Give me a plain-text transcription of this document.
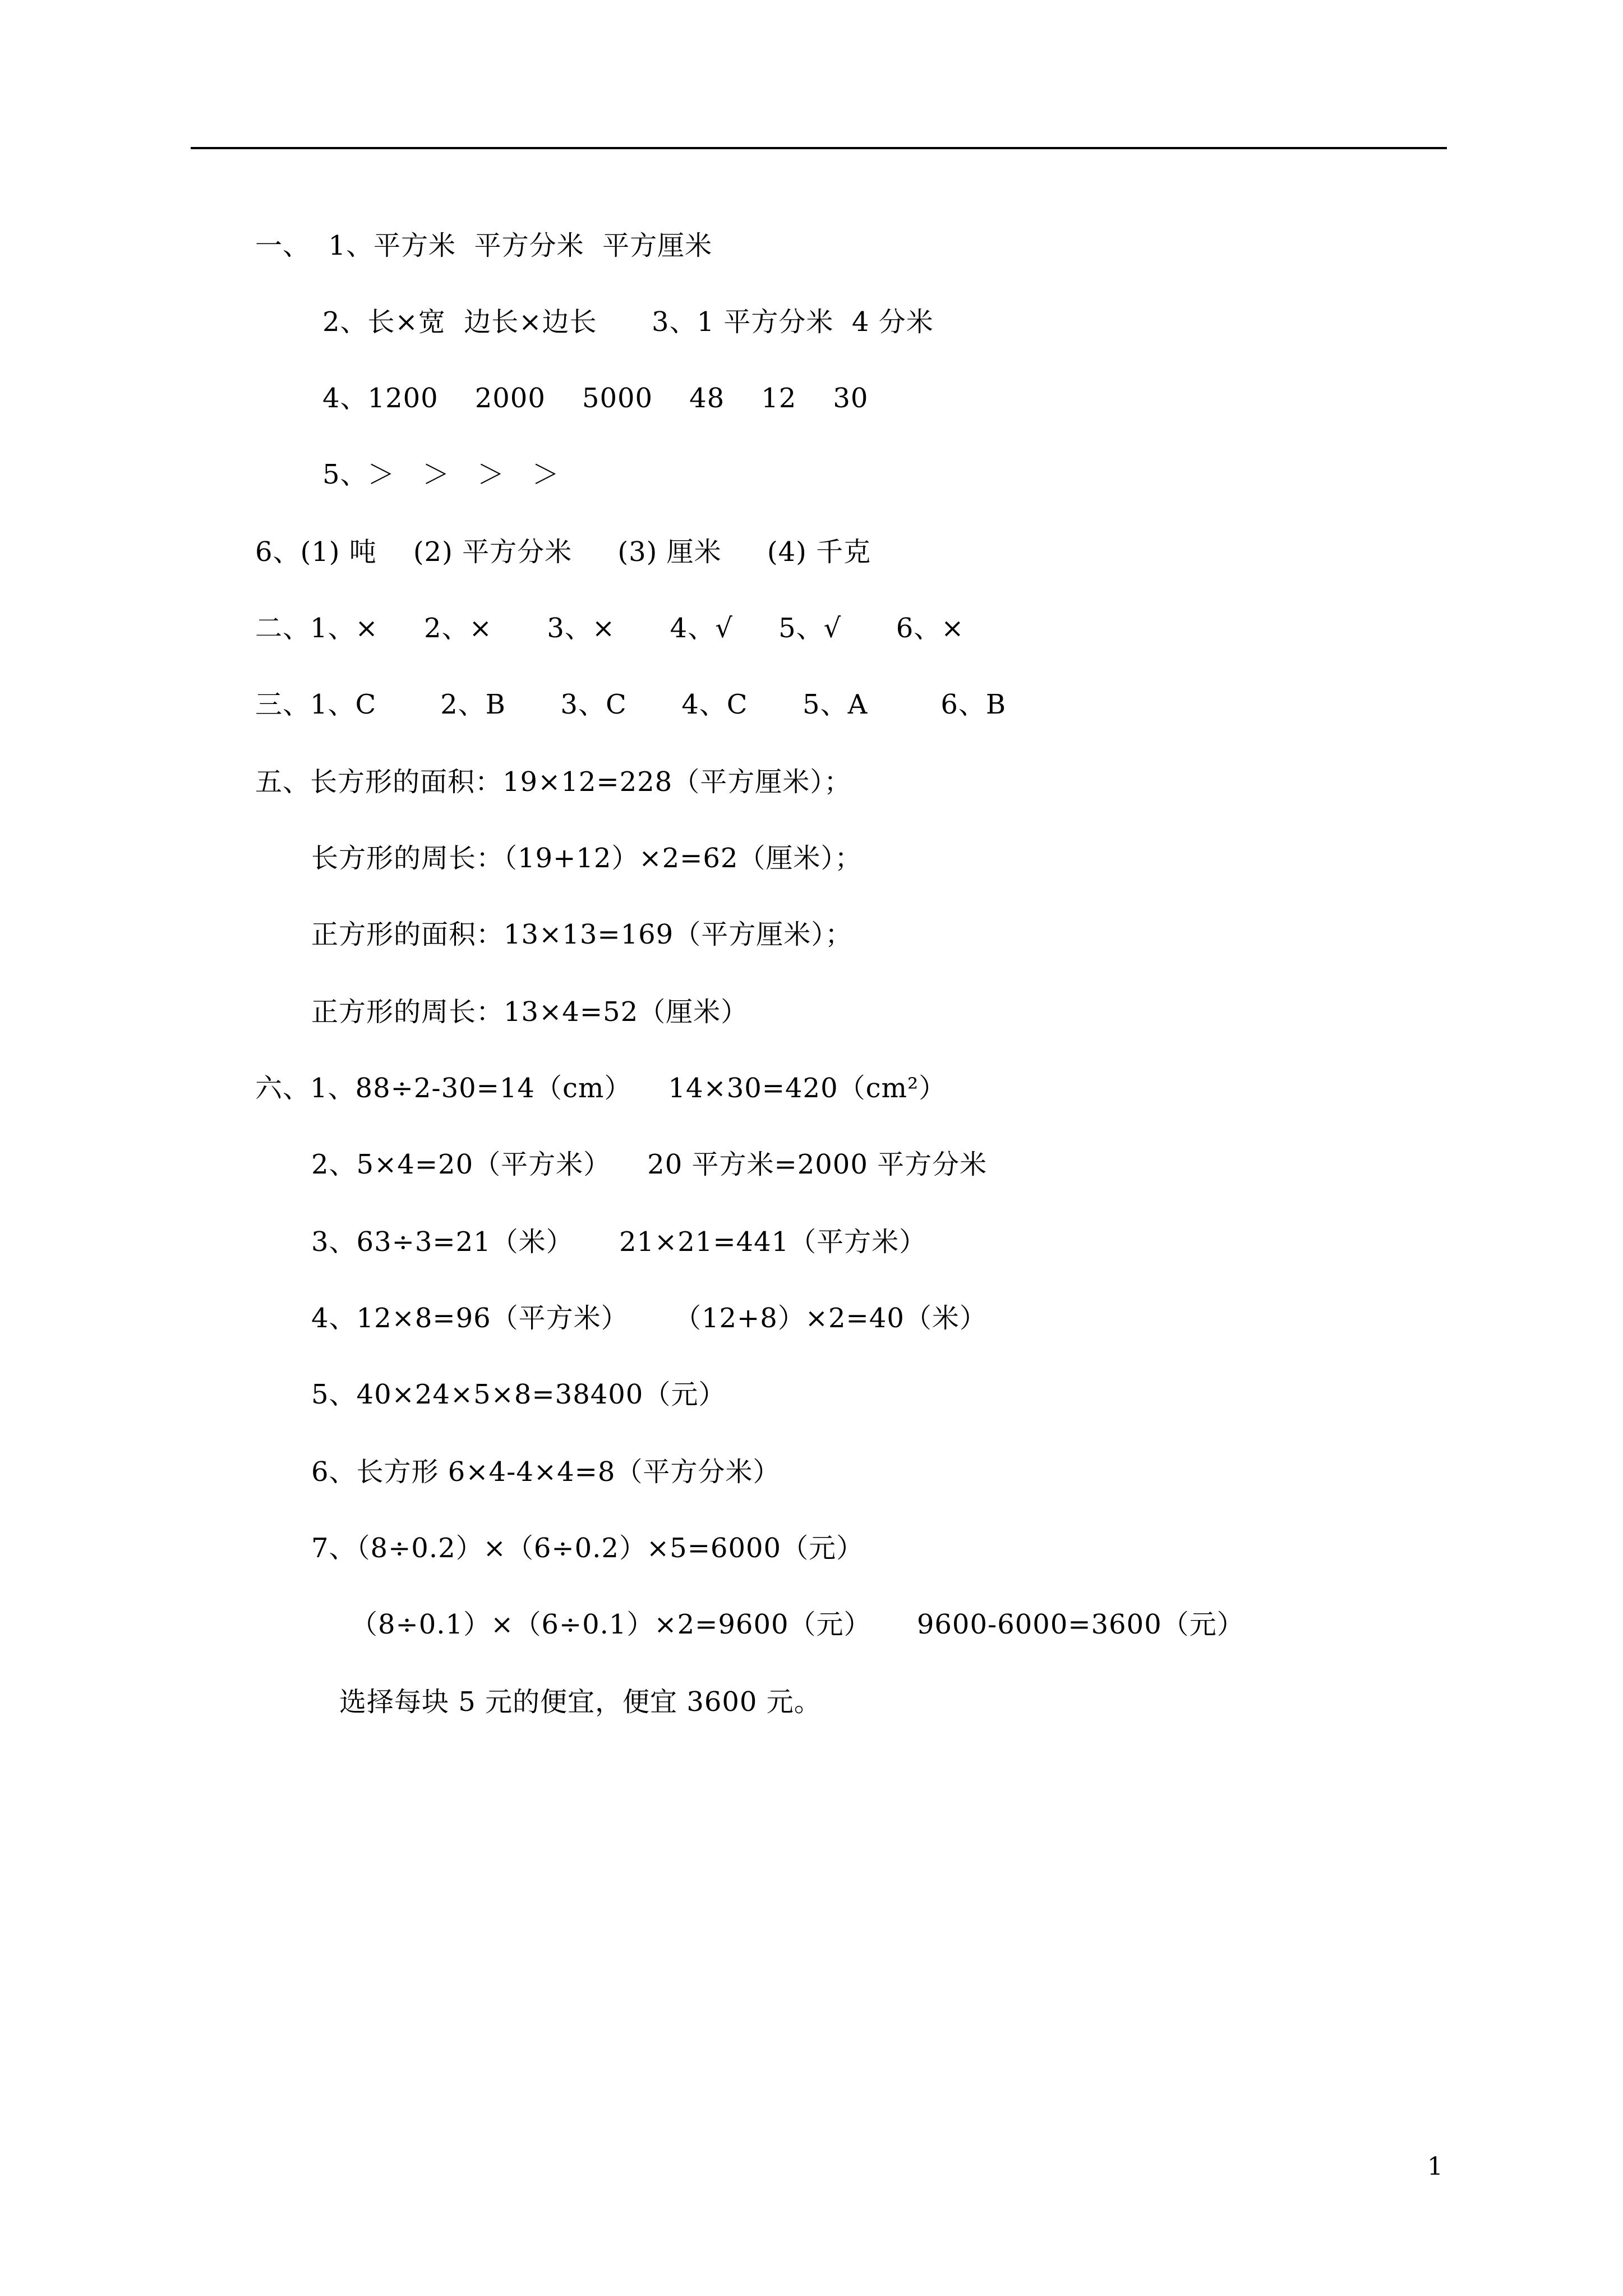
一、  1、平方米  平方分米  平方厘米
2、长×宽  边长×边长      3、1 平方分米  4 分米
4、1200    2000    5000    48    12    30
5、＞   ＞   ＞   ＞
6、(1) 吨    (2) 平方分米     (3) 厘米     (4) 千克
二、1、×     2、×      3、×      4、√     5、√      6、×
三、1、C       2、B      3、C      4、C      5、A        6、B
五、长方形的面积：19×12=228（平方厘米）；
长方形的周长：（19+12）×2=62（厘米）；
正方形的面积：13×13=169（平方厘米）；
正方形的周长：13×4=52（厘米）
六、1、88÷2-30=14（cm）    14×30=420（cm²）
2、5×4=20（平方米）    20 平方米=2000 平方分米
3、63÷3=21（米）     21×21=441（平方米）
4、12×8=96（平方米）     （12+8）×2=40（米）
5、40×24×5×8=38400（元）
6、长方形 6×4-4×4=8（平方分米）
7、（8÷0.2）×（6÷0.2）×5=6000（元）
（8÷0.1）×（6÷0.1）×2=9600（元）     9600-6000=3600（元）
选择每块 5 元的便宜，便宜 3600 元。
1
